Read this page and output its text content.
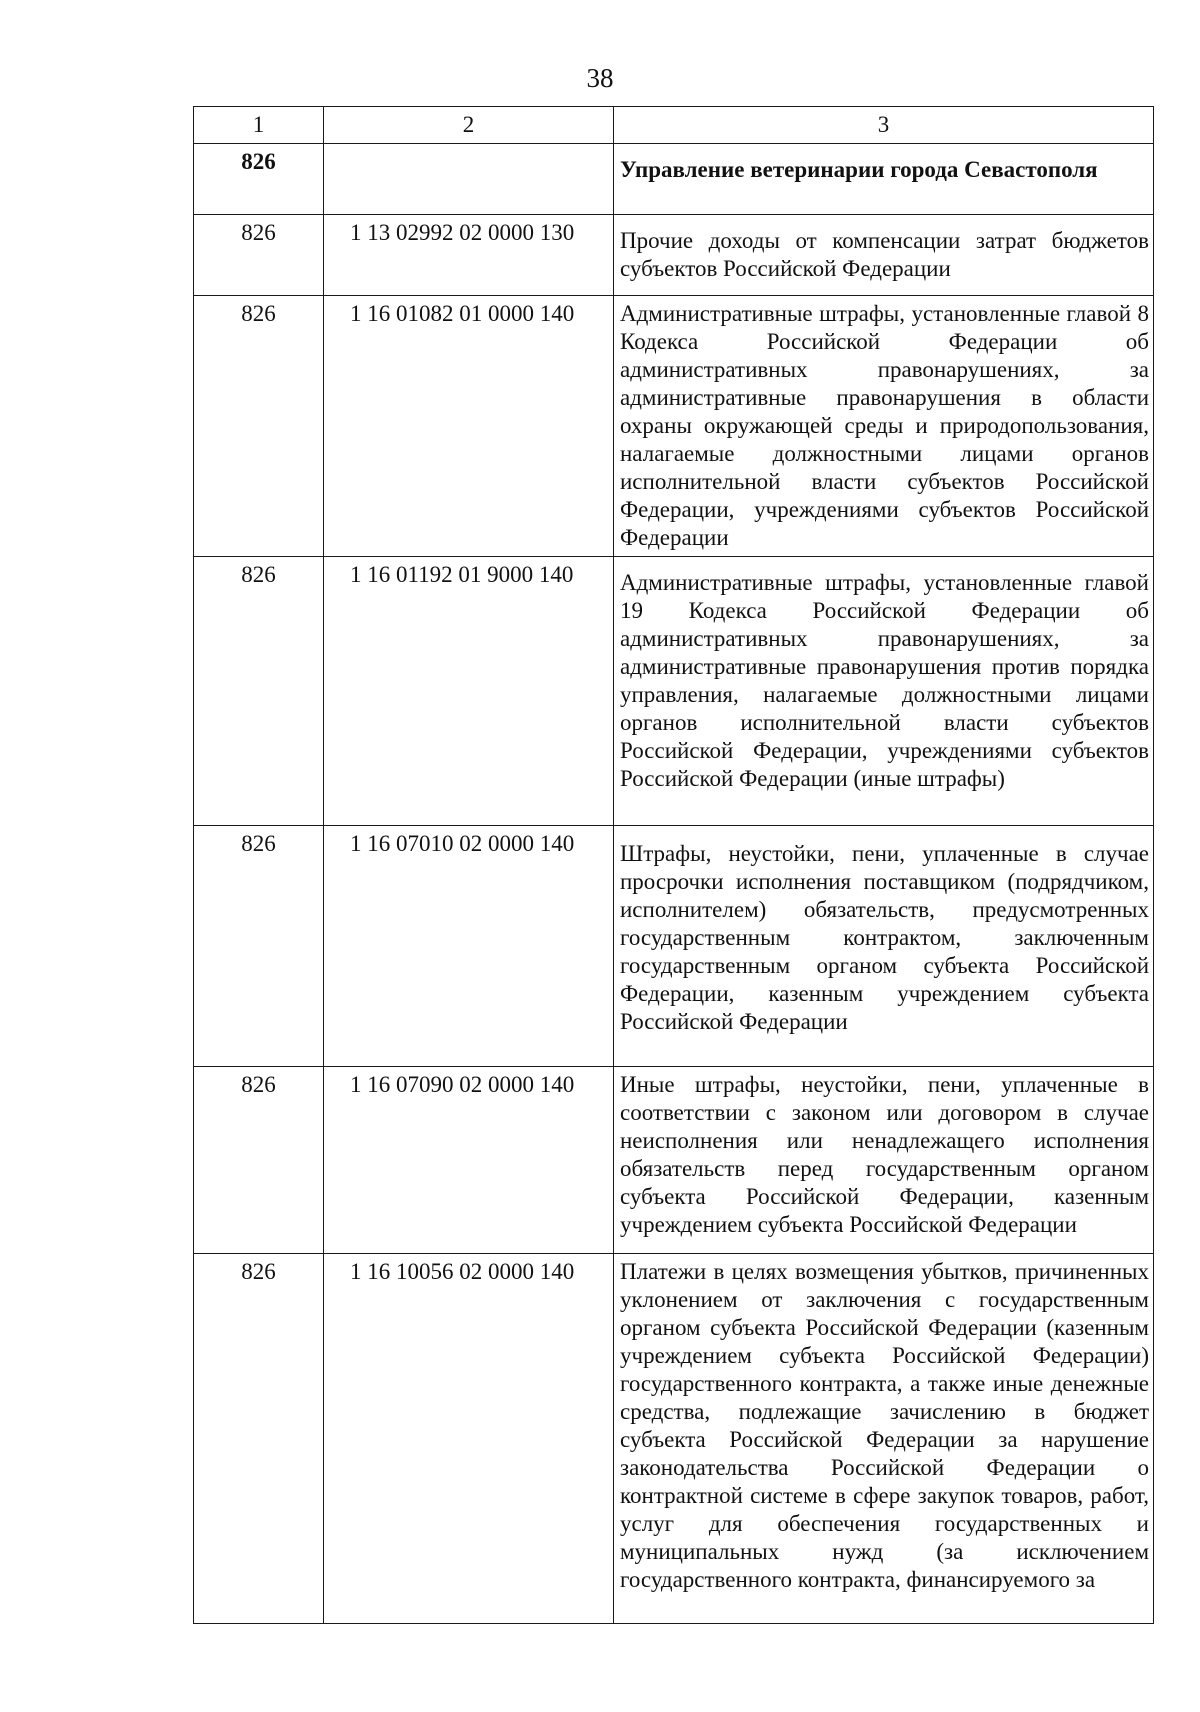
38
1	2	3
826		Управление ветеринарии города Севастополя
826	1 13 02992 02 0000 130	Прочие доходы от компенсации затрат бюджетов субъектов Российской Федерации
826	1 16 01082 01 0000 140	Административные штрафы, установленные главой 8 Кодекса Российской Федерации об административных правонарушениях, за административные правонарушения в области охраны окружающей среды и природопользования, налагаемые должностными лицами органов исполнительной власти субъектов Российской Федерации, учреждениями субъектов Российской Федерации
826	1 16 01192 01 9000 140	Административные штрафы, установленные главой 19 Кодекса Российской Федерации об административных правонарушениях, за административные правонарушения против порядка управления, налагаемые должностными лицами органов исполнительной власти субъектов Российской Федерации, учреждениями субъектов Российской Федерации (иные штрафы)
826	1 16 07010 02 0000 140	Штрафы, неустойки, пени, уплаченные в случае просрочки исполнения поставщиком (подрядчиком, исполнителем) обязательств, предусмотренных государственным контрактом, заключенным государственным органом субъекта Российской Федерации, казенным учреждением субъекта Российской Федерации
826	1 16 07090 02 0000 140	Иные штрафы, неустойки, пени, уплаченные в соответствии с законом или договором в случае неисполнения или ненадлежащего исполнения обязательств перед государственным органом субъекта Российской Федерации, казенным учреждением субъекта Российской Федерации
826	1 16 10056 02 0000 140	Платежи в целях возмещения убытков, причиненных уклонением от заключения с государственным органом субъекта Российской Федерации (казенным учреждением субъекта Российской Федерации) государственного контракта, а также иные денежные средства, подлежащие зачислению в бюджет субъекта Российской Федерации за нарушение законодательства Российской Федерации о контрактной системе в сфере закупок товаров, работ, услуг для обеспечения государственных и муниципальных нужд (за исключением государственного контракта, финансируемого за
